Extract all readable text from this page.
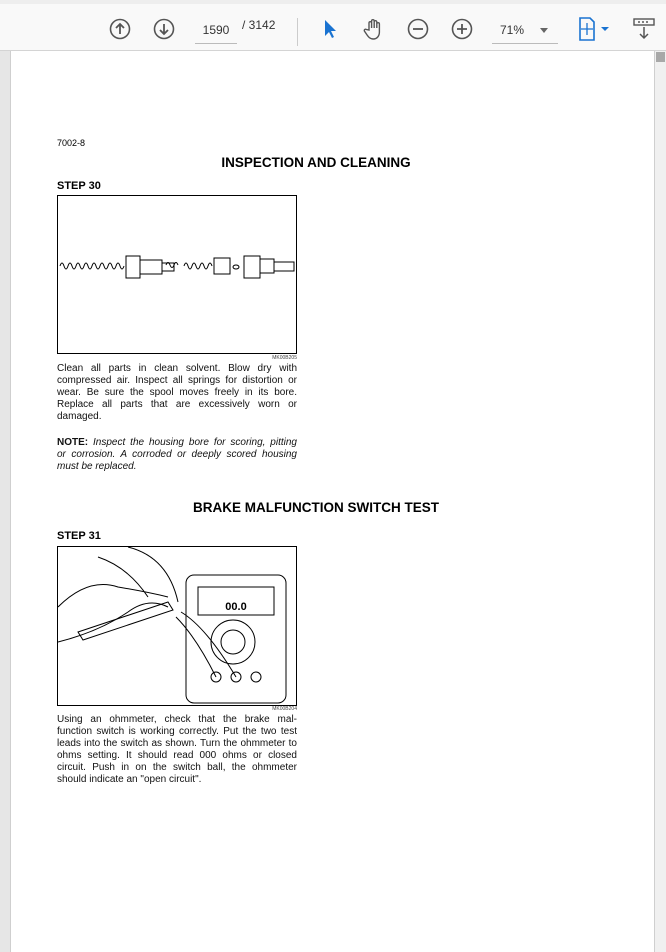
1590
/ 3142	71%
7002-8
INSPECTION AND CLEANING
STEP 30
MK00B205
Clean all parts in clean solvent. Blow dry with
compressed air. Inspect all springs for distortion or
wear. Be sure the spool moves freely in its bore.
Replace all parts that are excessively worn or
damaged.
NOTE: Inspect the housing bore for scoring, pitting
or corrosion. A corroded or deeply scored housing
must be replaced.
BRAKE MALFUNCTION SWITCH TEST
STEP 31
00.0
MK00B204
Using an ohmmeter, check that the brake mal-
function switch is working correctly. Put the two test
leads into the switch as shown. Turn the ohmmeter to
ohms setting. It should read 000 ohms or closed
circuit. Push in on the switch ball, the ohmmeter
should indicate an "open circuit".
